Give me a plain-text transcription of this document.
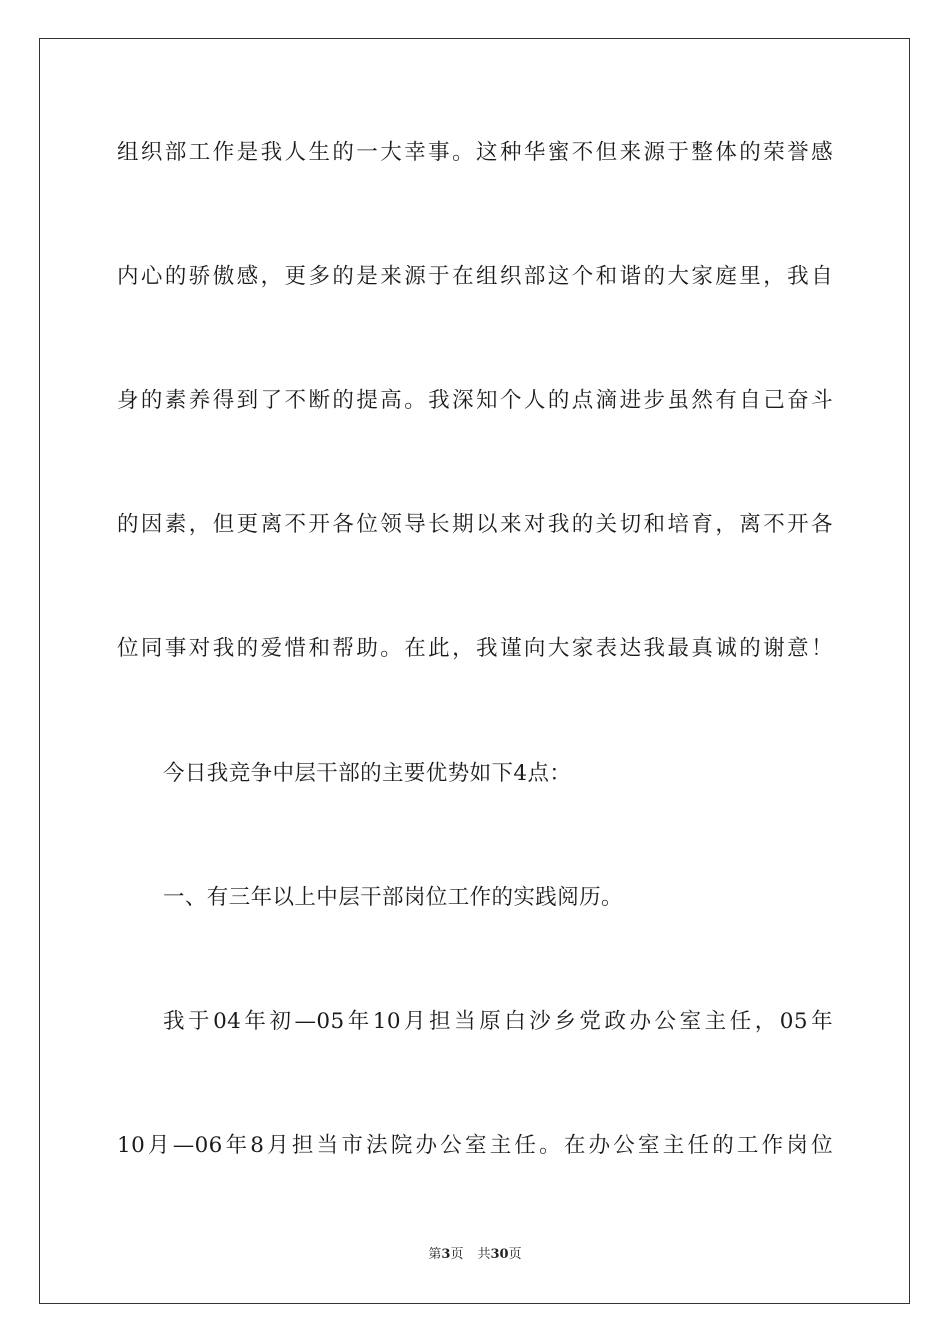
组织部工作是我人生的一大幸事。这种华蜜不但来源于整体的荣誉感
内心的骄傲感，更多的是来源于在组织部这个和谐的大家庭里，我自
身的素养得到了不断的提高。我深知个人的点滴进步虽然有自己奋斗
的因素，但更离不开各位领导长期以来对我的关切和培育，离不开各
位同事对我的爱惜和帮助。在此，我谨向大家表达我最真诚的谢意！
今日我竞争中层干部的主要优势如下4点：
一、有三年以上中层干部岗位工作的实践阅历。
我于04年初—05年10月担当原白沙乡党政办公室主任，05年
10月—06年8月担当市法院办公室主任。在办公室主任的工作岗位
第3页 共30页
